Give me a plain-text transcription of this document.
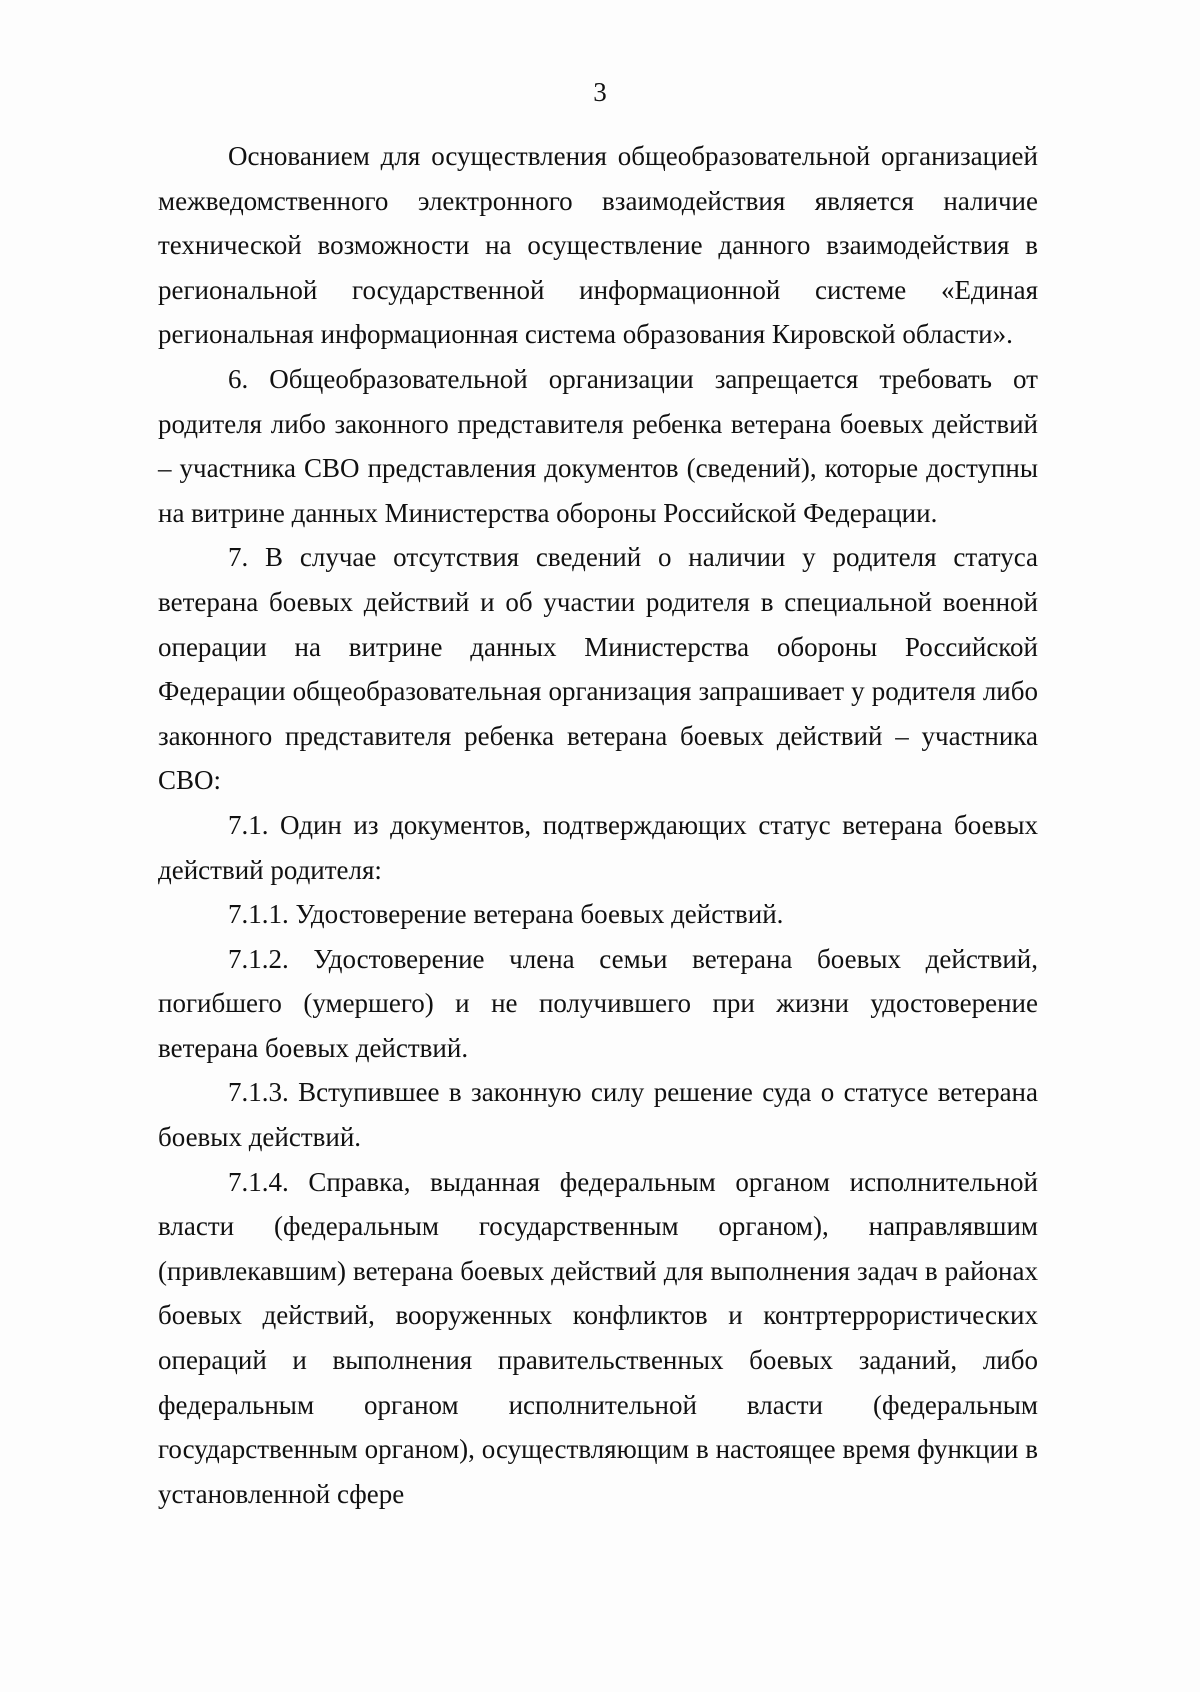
3

Основанием для осуществления общеобразовательной организацией межведомственного электронного взаимодействия является наличие технической возможности на осуществление данного взаимодействия в региональной государственной информационной системе «Единая региональная информационная система образования Кировской области».

6. Общеобразовательной организации запрещается требовать от родителя либо законного представителя ребенка ветерана боевых действий – участника СВО представления документов (сведений), которые доступны на витрине данных Министерства обороны Российской Федерации.

7. В случае отсутствия сведений о наличии у родителя статуса ветерана боевых действий и об участии родителя в специальной военной операции на витрине данных Министерства обороны Российской Федерации общеобразовательная организация запрашивает у родителя либо законного представителя ребенка ветерана боевых действий – участника СВО:

7.1. Один из документов, подтверждающих статус ветерана боевых действий родителя:

7.1.1. Удостоверение ветерана боевых действий.

7.1.2. Удостоверение члена семьи ветерана боевых действий, погибшего (умершего) и не получившего при жизни удостоверение ветерана боевых действий.

7.1.3. Вступившее в законную силу решение суда о статусе ветерана боевых действий.

7.1.4. Справка, выданная федеральным органом исполнительной власти (федеральным государственным органом), направлявшим (привлекавшим) ветерана боевых действий для выполнения задач в районах боевых действий, вооруженных конфликтов и контртеррористических операций и выполнения правительственных боевых заданий, либо федеральным органом исполнительной власти (федеральным государственным органом), осуществляющим в настоящее время функции в установленной сфере
